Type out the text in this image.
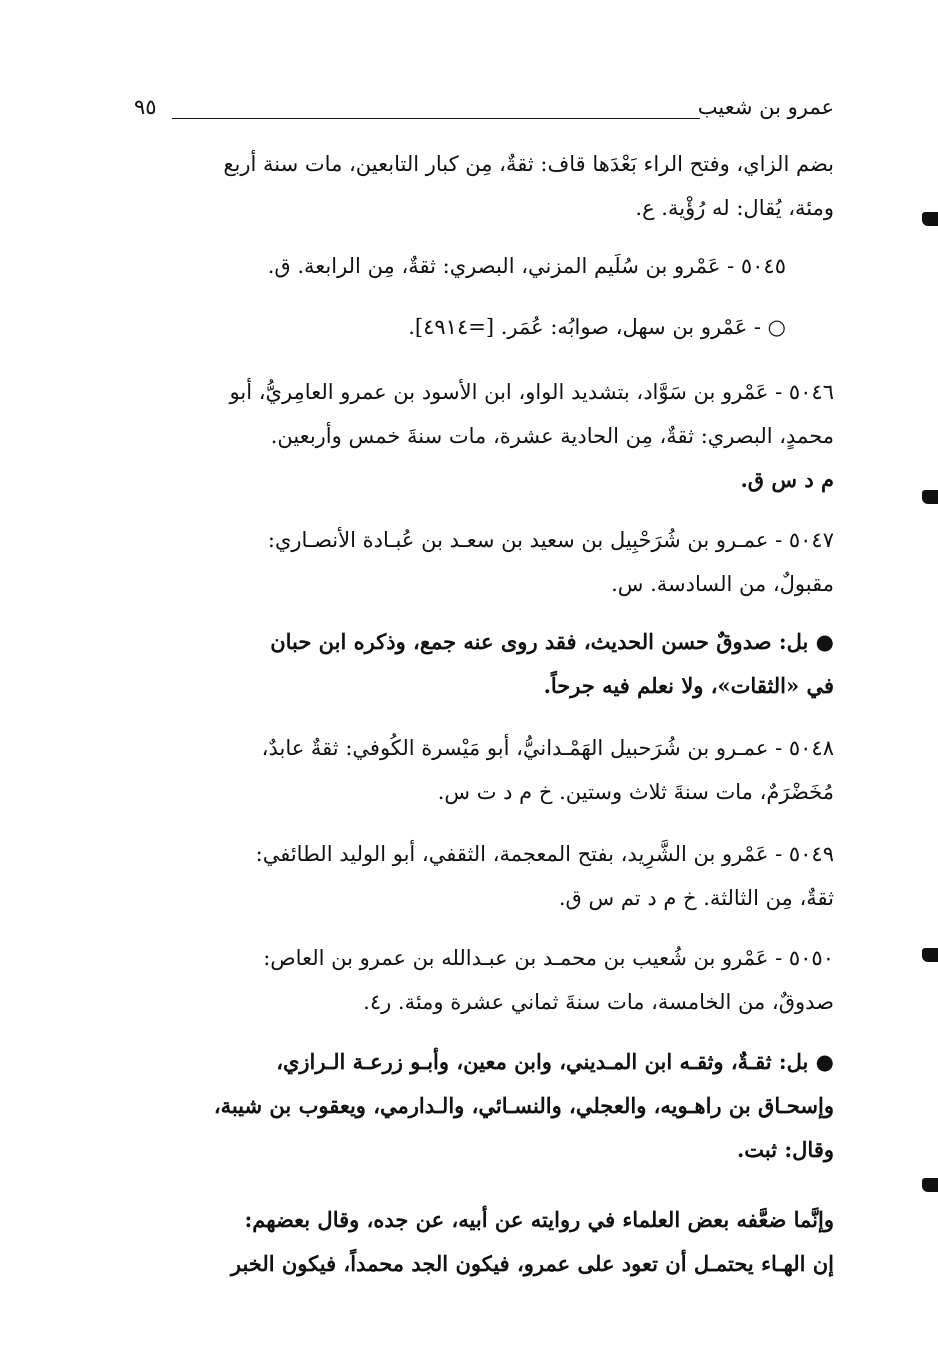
عمرو بن شعيب
٩٥
بضم الزاي، وفتح الراء بَعْدَها قاف: ثقةٌ، مِن كبار التابعين، مات سنة أربع
ومئة، يُقال: له رُؤْية. ع.
٥٠٤٥ - عَمْرو بن سُلَيم المزني، البصري: ثقةٌ، مِن الرابعة. ق.
○ - عَمْرو بن سهل، صوابُه: عُمَر. [=٤٩١٤].
٥٠٤٦ - عَمْرو بن سَوَّاد، بتشديد الواو، ابن الأسود بن عمرو العامِريُّ، أبو
محمدٍ، البصري: ثقةٌ، مِن الحادية عشرة، مات سنةَ خمس وأربعين.
م د س ق.
٥٠٤٧ - عمـرو بن شُرَحْبِيل بن سعيد بن سعـد بن عُبـادة الأنصـاري:
مقبولٌ، من السادسة. س.
● بل: صدوقٌ حسن الحديث، فقد روى عنه جمع، وذكره ابن حبان
في «الثقات»، ولا نعلم فيه جرحاً.
٥٠٤٨ - عمـرو بن شُرَحبيل الهَمْـدانيُّ، أبو مَيْسرة الكُوفي: ثقةٌ عابدٌ،
مُخَضْرَمٌ، مات سنةَ ثلاث وستين. خ م د ت س.
٥٠٤٩ - عَمْرو بن الشَّرِيد، بفتح المعجمة، الثقفي، أبو الوليد الطائفي:
ثقةٌ، مِن الثالثة. خ م د تم س ق.
٥٠٥٠ - عَمْرو بن شُعيب بن محمـد بن عبـدالله بن عمرو بن العاص:
صدوقٌ، من الخامسة، مات سنةَ ثماني عشرة ومئة. ر٤.
● بل: ثقـةٌ، وثقـه ابن المـديني، وابن معين، وأبـو زرعـة الـرازي،
وإسحـاق بن راهـويه، والعجلي، والنسـائي، والـدارمي، ويعقوب بن شيبة،
وقال: ثبت.
وإنَّما ضعَّفه بعض العلماء في روايته عن أبيه، عن جده، وقال بعضهم:
إن الهـاء يحتمـل أن تعود على عمرو، فيكون الجد محمداً، فيكون الخبر
